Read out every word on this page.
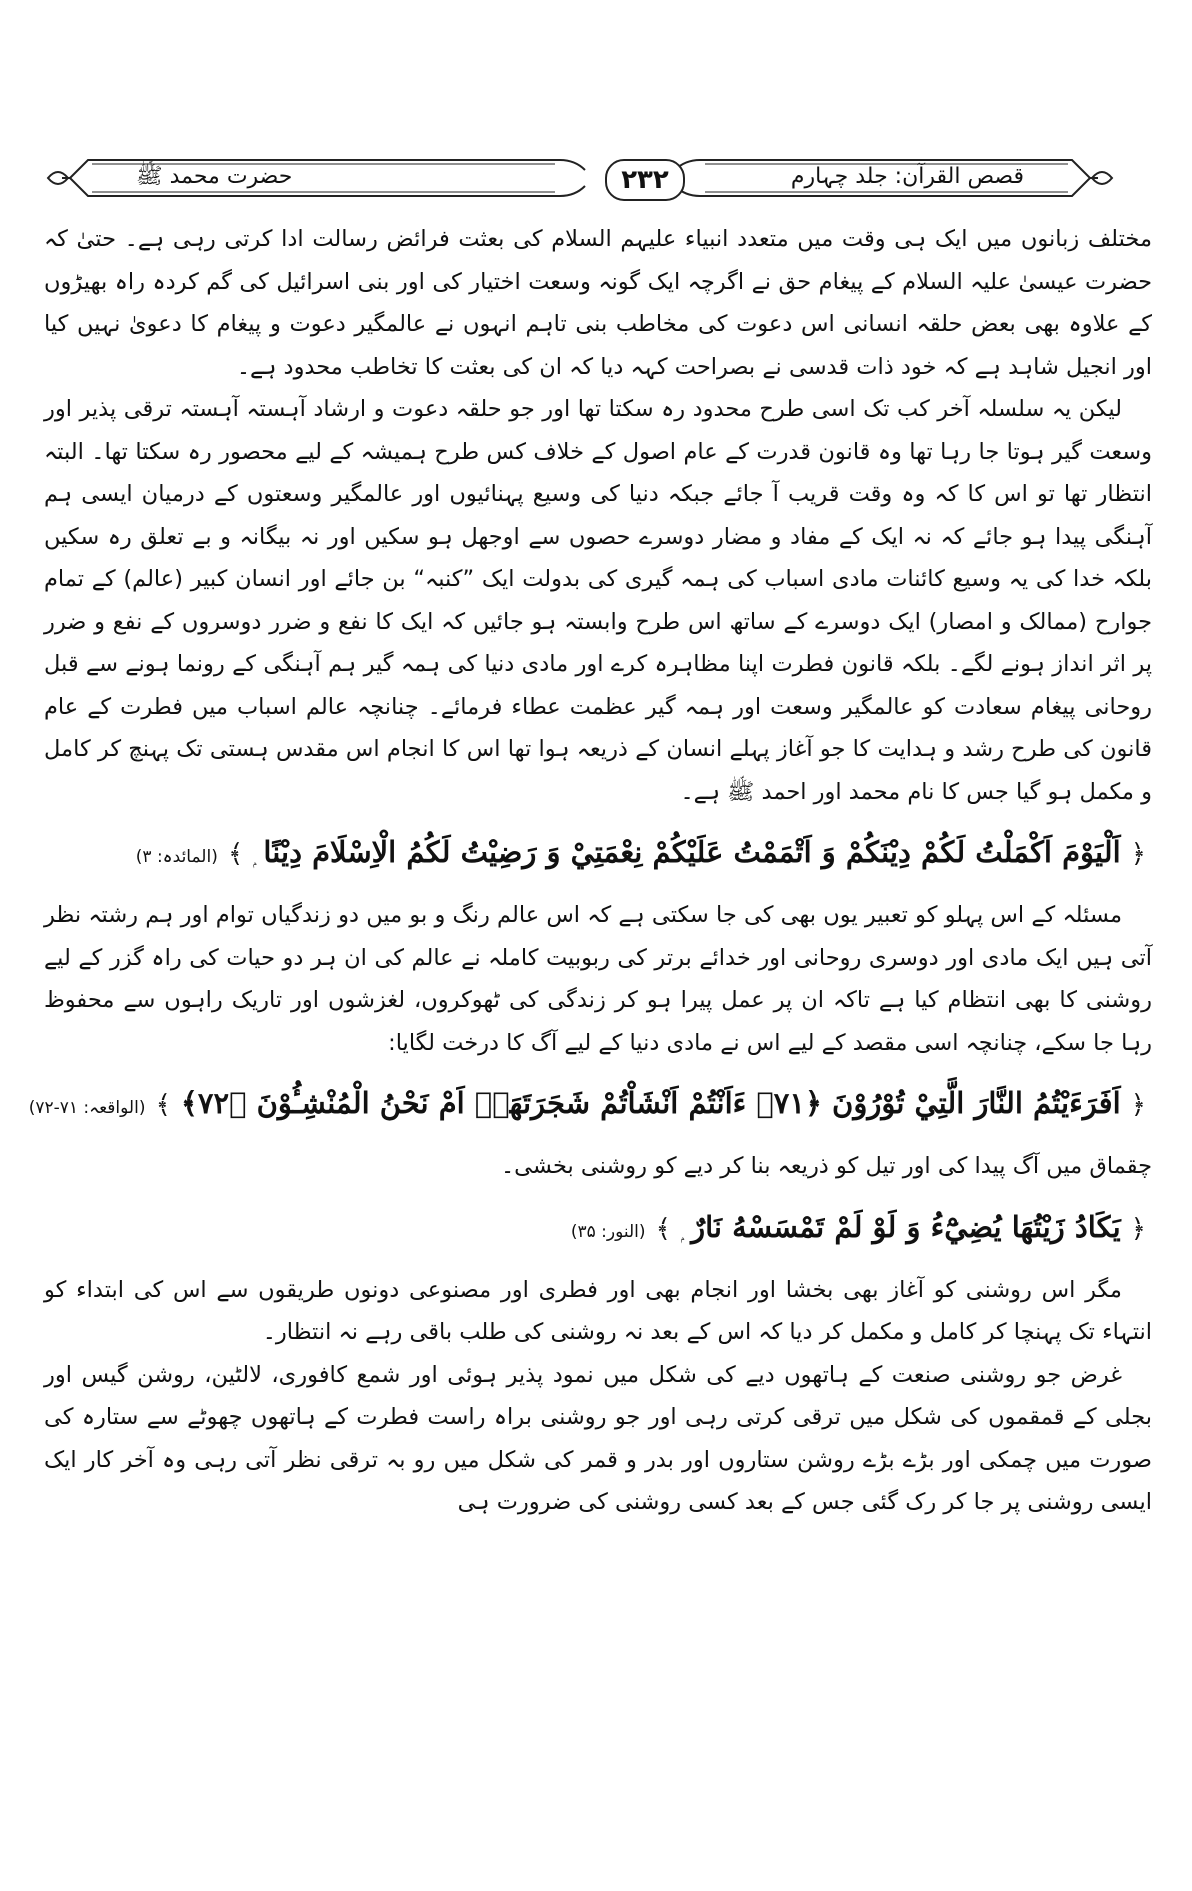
قصص القرآن: جلد چہارم
۲۳۲
حضرت محمد ﷺ

مختلف زبانوں میں ایک ہی وقت میں متعدد انبیاء علیہم السلام کی بعثت فرائض رسالت ادا کرتی رہی ہے۔ حتیٰ کہ حضرت عیسیٰ علیہ السلام کے پیغام حق نے اگرچہ ایک گونہ وسعت اختیار کی اور بنی اسرائیل کی گم کردہ راہ بھیڑوں کے علاوہ بھی بعض حلقہ انسانی اس دعوت کی مخاطب بنی تاہم انہوں نے عالمگیر دعوت و پیغام کا دعویٰ نہیں کیا اور انجیل شاہد ہے کہ خود ذات قدسی نے بصراحت کہہ دیا کہ ان کی بعثت کا تخاطب محدود ہے۔

لیکن یہ سلسلہ آخر کب تک اسی طرح محدود رہ سکتا تھا اور جو حلقہ دعوت و ارشاد آہستہ آہستہ ترقی پذیر اور وسعت گیر ہوتا جا رہا تھا وہ قانون قدرت کے عام اصول کے خلاف کس طرح ہمیشہ کے لیے محصور رہ سکتا تھا۔ البتہ انتظار تھا تو اس کا کہ وہ وقت قریب آ جائے جبکہ دنیا کی وسیع پہنائیوں اور عالمگیر وسعتوں کے درمیان ایسی ہم آہنگی پیدا ہو جائے کہ نہ ایک کے مفاد و مضار دوسرے حصوں سے اوجھل ہو سکیں اور نہ بیگانہ و بے تعلق رہ سکیں بلکہ خدا کی یہ وسیع کائنات مادی اسباب کی ہمہ گیری کی بدولت ایک ”کنبہ“ بن جائے اور انسان کبیر (عالم) کے تمام جوارح (ممالک و امصار) ایک دوسرے کے ساتھ اس طرح وابستہ ہو جائیں کہ ایک کا نفع و ضرر دوسروں کے نفع و ضرر پر اثر انداز ہونے لگے۔ بلکہ قانون فطرت اپنا مظاہرہ کرے اور مادی دنیا کی ہمہ گیر ہم آہنگی کے رونما ہونے سے قبل روحانی پیغام سعادت کو عالمگیر وسعت اور ہمہ گیر عظمت عطاء فرمائے۔ چنانچہ عالم اسباب میں فطرت کے عام قانون کی طرح رشد و ہدایت کا جو آغاز پہلے انسان کے ذریعہ ہوا تھا اس کا انجام اس مقدس ہستی تک پہنچ کر کامل و مکمل ہو گیا جس کا نام محمد اور احمد ﷺ ہے۔

﴿ اَلْيَوْمَ اَكْمَلْتُ لَكُمْ دِيْنَكُمْ وَ اَتْمَمْتُ عَلَيْكُمْ نِعْمَتِيْ وَ رَضِيْتُ لَكُمُ الْاِسْلَامَ دِيْنًا ﴾ (المائدہ: ۳)

مسئلہ کے اس پہلو کو تعبیر یوں بھی کی جا سکتی ہے کہ اس عالم رنگ و بو میں دو زندگیاں توام اور ہم رشتہ نظر آتی ہیں ایک مادی اور دوسری روحانی اور خدائے برتر کی ربوبیت کاملہ نے عالم کی ان ہر دو حیات کی راہ گزر کے لیے روشنی کا بھی انتظام کیا ہے تاکہ ان پر عمل پیرا ہو کر زندگی کی ٹھوکروں، لغزشوں اور تاریک راہوں سے محفوظ رہا جا سکے، چنانچہ اسی مقصد کے لیے اس نے مادی دنیا کے لیے آگ کا درخت لگایا:

﴿ اَفَرَءَيْتُمُ النَّارَ الَّتِيْ تُوْرُوْنَ ﴿٧١﴾ ءَاَنْتُمْ اَنْشَاْتُمْ شَجَرَتَهَاۤ اَمْ نَحْنُ الْمُنْشِـُٔوْنَ ﴿٧٢﴾ ﴾ (الواقعہ: ۷۱-۷۲)

چقماق میں آگ پیدا کی اور تیل کو ذریعہ بنا کر دیے کو روشنی بخشی۔

﴿ يَكَادُ زَيْتُهَا يُضِيْٓءُ وَ لَوْ لَمْ تَمْسَسْهُ نَارٌ ﴾ (النور: ۳۵)

مگر اس روشنی کو آغاز بھی بخشا اور انجام بھی اور فطری اور مصنوعی دونوں طریقوں سے اس کی ابتداء کو انتہاء تک پہنچا کر کامل و مکمل کر دیا کہ اس کے بعد نہ روشنی کی طلب باقی رہے نہ انتظار۔

غرض جو روشنی صنعت کے ہاتھوں دیے کی شکل میں نمود پذیر ہوئی اور شمع کافوری، لالٹین، روشن گیس اور بجلی کے قمقموں کی شکل میں ترقی کرتی رہی اور جو روشنی براہ راست فطرت کے ہاتھوں چھوٹے سے ستارہ کی صورت میں چمکی اور بڑے بڑے روشن ستاروں اور بدر و قمر کی شکل میں رو بہ ترقی نظر آتی رہی وہ آخر کار ایک ایسی روشنی پر جا کر رک گئی جس کے بعد کسی روشنی کی ضرورت ہی
